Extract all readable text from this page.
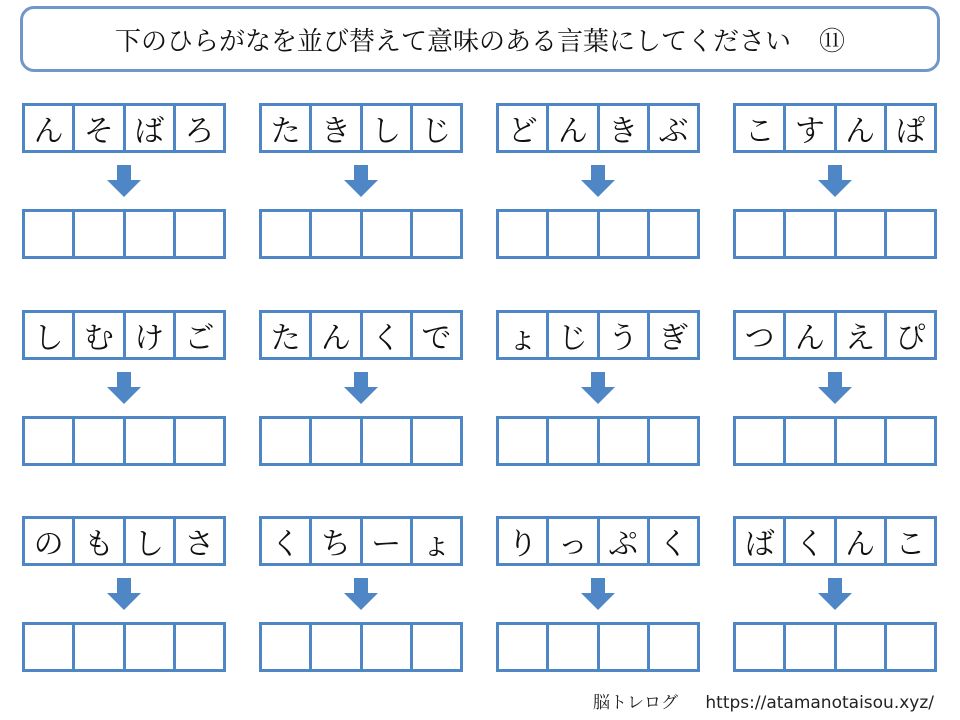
下のひらがなを並び替えて意味のある言葉にしてください ⑪
ん そ ば ろ	た き し じ	ど ん き ぶ	こ す ん ぱ
し む け ご	た ん く で	ょ じ う ぎ	つ ん え ぴ
の も し さ	く ち ー ょ	り っ ぷ く	ば く ん こ
脳トレログ https://atamanotaisou.xyz/
